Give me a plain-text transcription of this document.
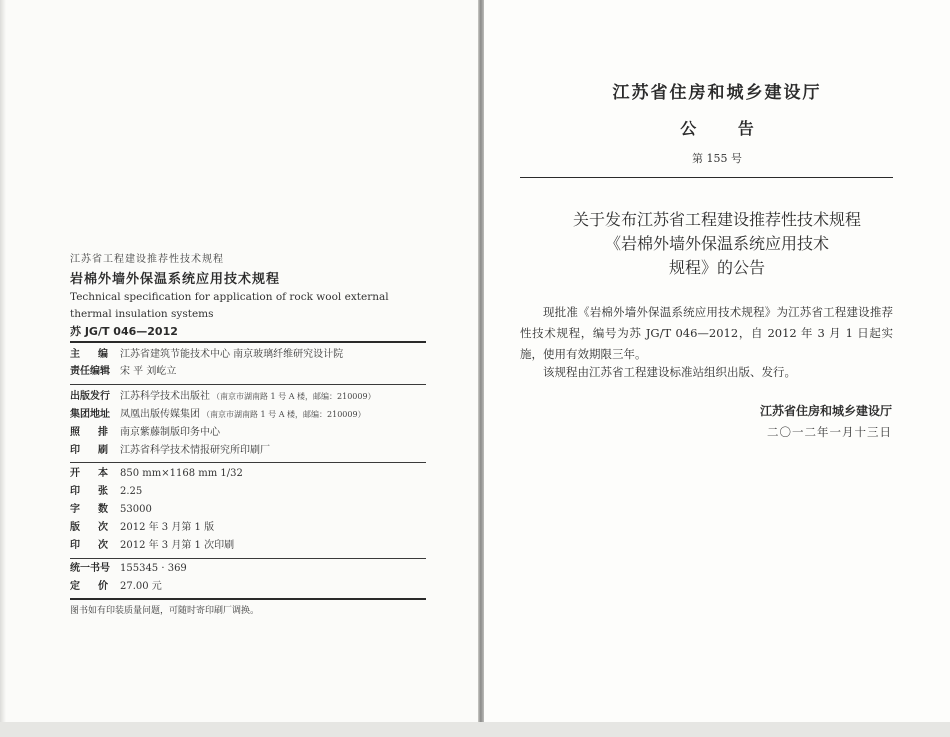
江苏省工程建设推荐性技术规程
岩棉外墙外保温系统应用技术规程
Technical specification for application of rock wool external thermal insulation systems
苏 JG/T 046—2012
主 编 江苏省建筑节能技术中心 南京玻璃纤维研究设计院
责任编辑 宋 平 刘屹立
出版发行 江苏科学技术出版社 （南京市湖南路 1 号 A 楼，邮编：210009）
集团地址 凤凰出版传媒集团 （南京市湖南路 1 号 A 楼，邮编：210009）
照 排 南京紫藤制版印务中心
印 刷 江苏省科学技术情报研究所印刷厂
开 本 850 mm×1168 mm 1/32
印 张 2.25
字 数 53000
版 次 2012 年 3 月第 1 版
印 次 2012 年 3 月第 1 次印刷
统一书号 155345 · 369
定 价 27.00 元
图书如有印装质量问题，可随时寄印刷厂调换。
江苏省住房和城乡建设厅
公 告
第 155 号
关于发布江苏省工程建设推荐性技术规程
《岩棉外墙外保温系统应用技术
规程》的公告
现批准《岩棉外墙外保温系统应用技术规程》为江苏省工程建设推荐性技术规程，编号为苏 JG/T 046—2012，自 2012 年 3 月 1 日起实施，使用有效期限三年。
该规程由江苏省工程建设标准站组织出版、发行。
江苏省住房和城乡建设厅
二〇一二年一月十三日
